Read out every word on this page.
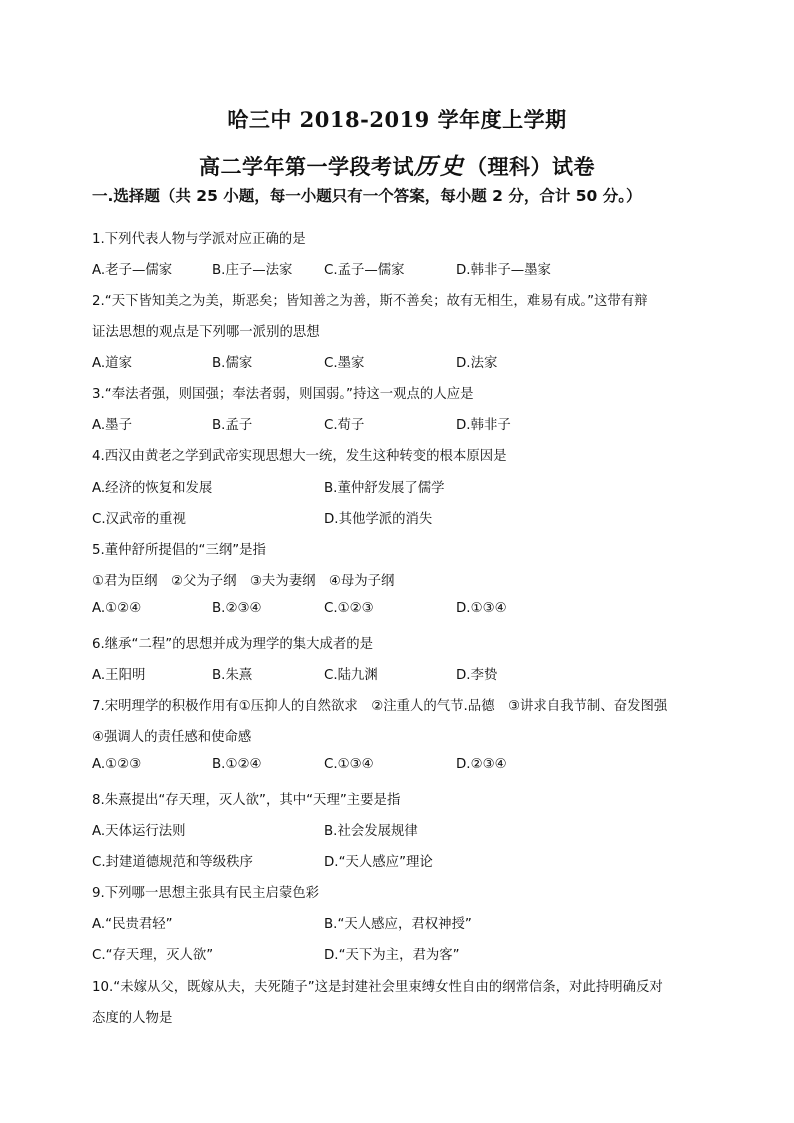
哈三中 2018-2019 学年度上学期
高二学年第一学段考试历史（理科）试卷
一.选择题（共 25 小题，每一小题只有一个答案，每小题 2 分，合计 50 分。）
1.下列代表人物与学派对应正确的是
A.老子—儒家	B.庄子—法家 C.孟子—儒家	D.韩非子—墨家
2.“天下皆知美之为美，斯恶矣；皆知善之为善，斯不善矣；故有无相生，难易有成。”这带有辩
证法思想的观点是下列哪一派别的思想
A.道家	B.儒家	C.墨家	D.法家
3.“奉法者强，则国强；奉法者弱，则国弱。”持这一观点的人应是
A.墨子	B.孟子	C.荀子	D.韩非子
4.西汉由黄老之学到武帝实现思想大一统，发生这种转变的根本原因是
A.经济的恢复和发展	B.董仲舒发展了儒学
C.汉武帝的重视	D.其他学派的消失
5.董仲舒所提倡的“三纲”是指
①君为臣纲　②父为子纲　③夫为妻纲　④母为子纲
A.①②④	B.②③④	C.①②③	D.①③④
6.继承“二程”的思想并成为理学的集大成者的是
A.王阳明	B.朱熹	C.陆九渊	D.李贽
7.宋明理学的积极作用有①压抑人的自然欲求　②注重人的气节.品德　③讲求自我节制、奋发图强
④强调人的责任感和使命感
A.①②③	B.①②④	C.①③④	D.②③④
8.朱熹提出“存天理，灭人欲”，其中“天理”主要是指
A.天体运行法则	B.社会发展规律
C.封建道德规范和等级秩序	D.“天人感应”理论
9.下列哪一思想主张具有民主启蒙色彩
A.“民贵君轻”	B.“天人感应，君权神授”
C.“存天理，灭人欲”	D.“天下为主，君为客”
10.“未嫁从父，既嫁从夫，夫死随子”这是封建社会里束缚女性自由的纲常信条，对此持明确反对
态度的人物是
